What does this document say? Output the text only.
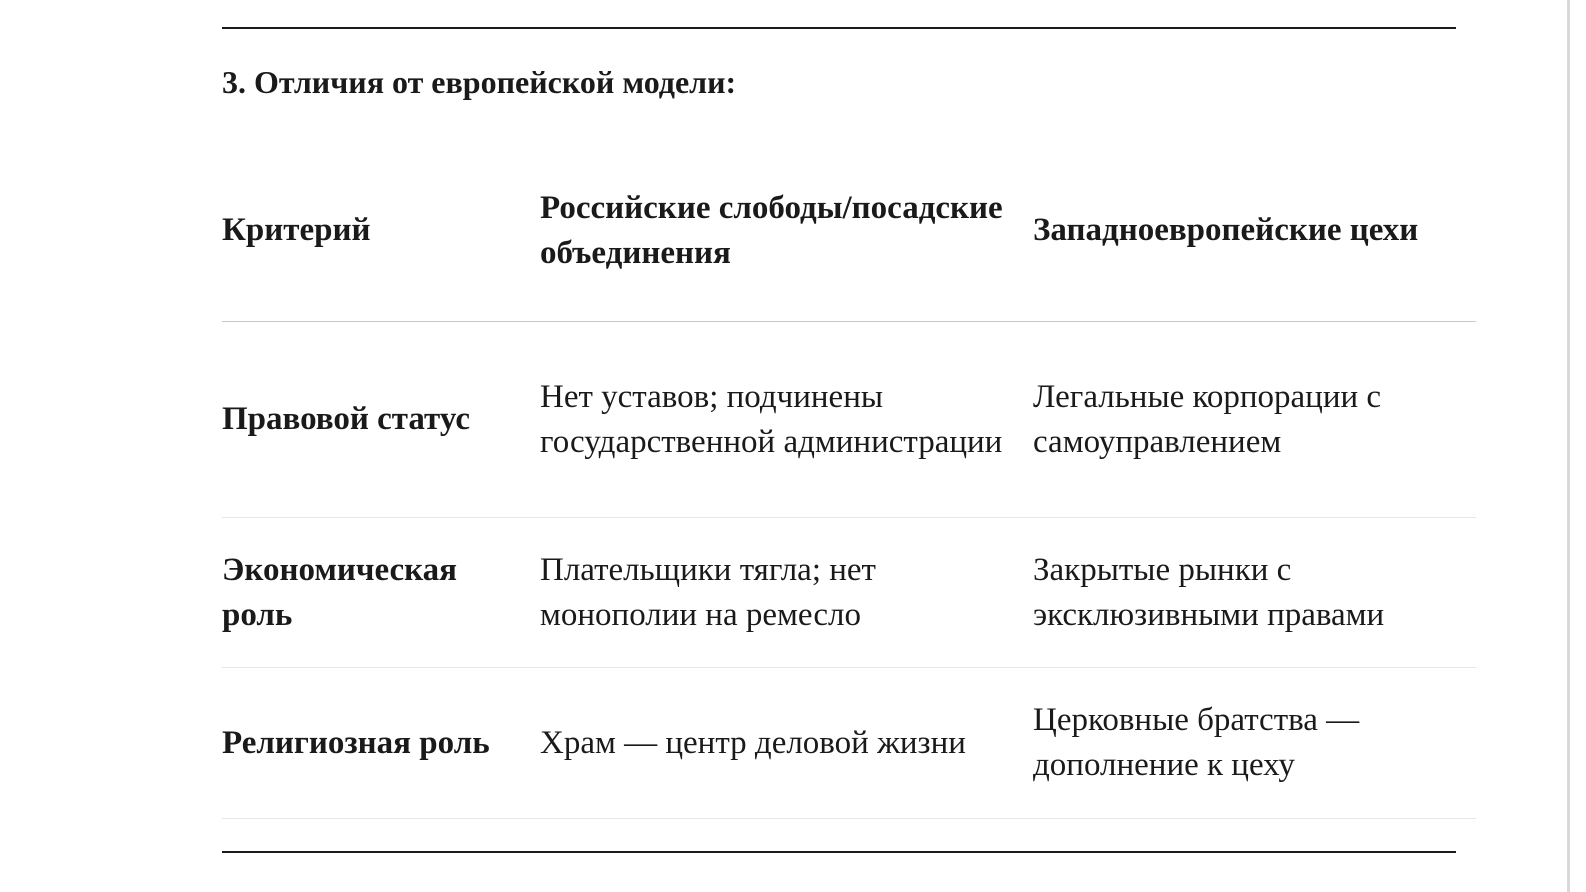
3. Отличия от европейской модели:
Критерий	Российские слободы/посадские объединения	Западноевропейские цехи
Правовой статус	Нет уставов; подчинены государственной администрации	Легальные корпорации с самоуправлением
Экономическая роль	Плательщики тягла; нет монополии на ремесло	Закрытые рынки с эксклюзивными правами
Религиозная роль	Храм — центр деловой жизни	Церковные братства — дополнение к цеху
